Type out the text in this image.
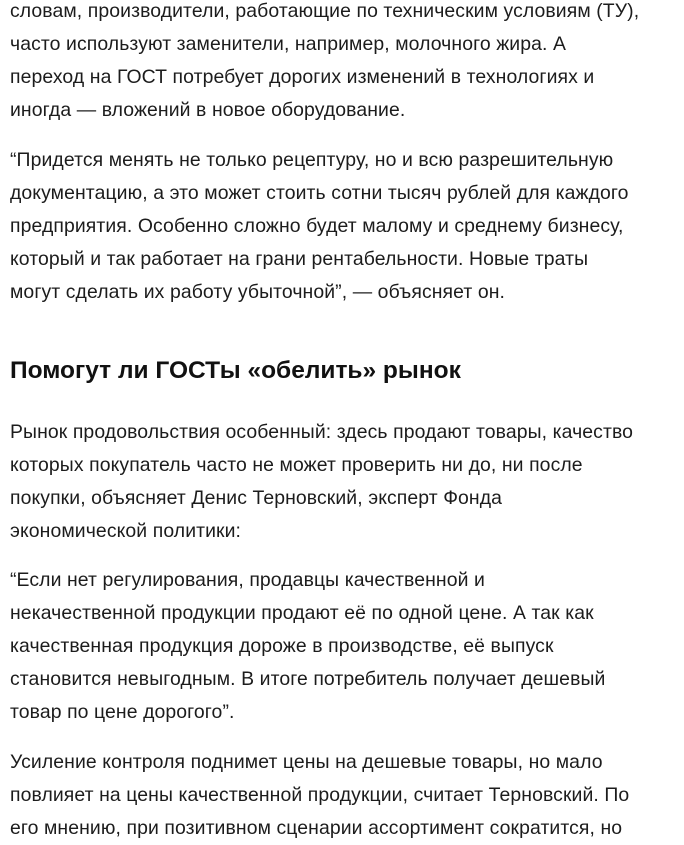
словам, производители, работающие по техническим условиям (ТУ),
часто используют заменители, например, молочного жира. А
переход на ГОСТ потребует дорогих изменений в технологиях и
иногда — вложений в новое оборудование.

“Придется менять не только рецептуру, но и всю разрешительную
документацию, а это может стоить сотни тысяч рублей для каждого
предприятия. Особенно сложно будет малому и среднему бизнесу,
который и так работает на грани рентабельности. Новые траты
могут сделать их работу убыточной”, — объясняет он.

Помогут ли ГОСТы «обелить» рынок

Рынок продовольствия особенный: здесь продают товары, качество
которых покупатель часто не может проверить ни до, ни после
покупки, объясняет Денис Терновский, эксперт Фонда
экономической политики:

“Если нет регулирования, продавцы качественной и
некачественной продукции продают её по одной цене. А так как
качественная продукция дороже в производстве, её выпуск
становится невыгодным. В итоге потребитель получает дешевый
товар по цене дорогого”.

Усиление контроля поднимет цены на дешевые товары, но мало
повлияет на цены качественной продукции, считает Терновский. По
его мнению, при позитивном сценарии ассортимент сократится, но
